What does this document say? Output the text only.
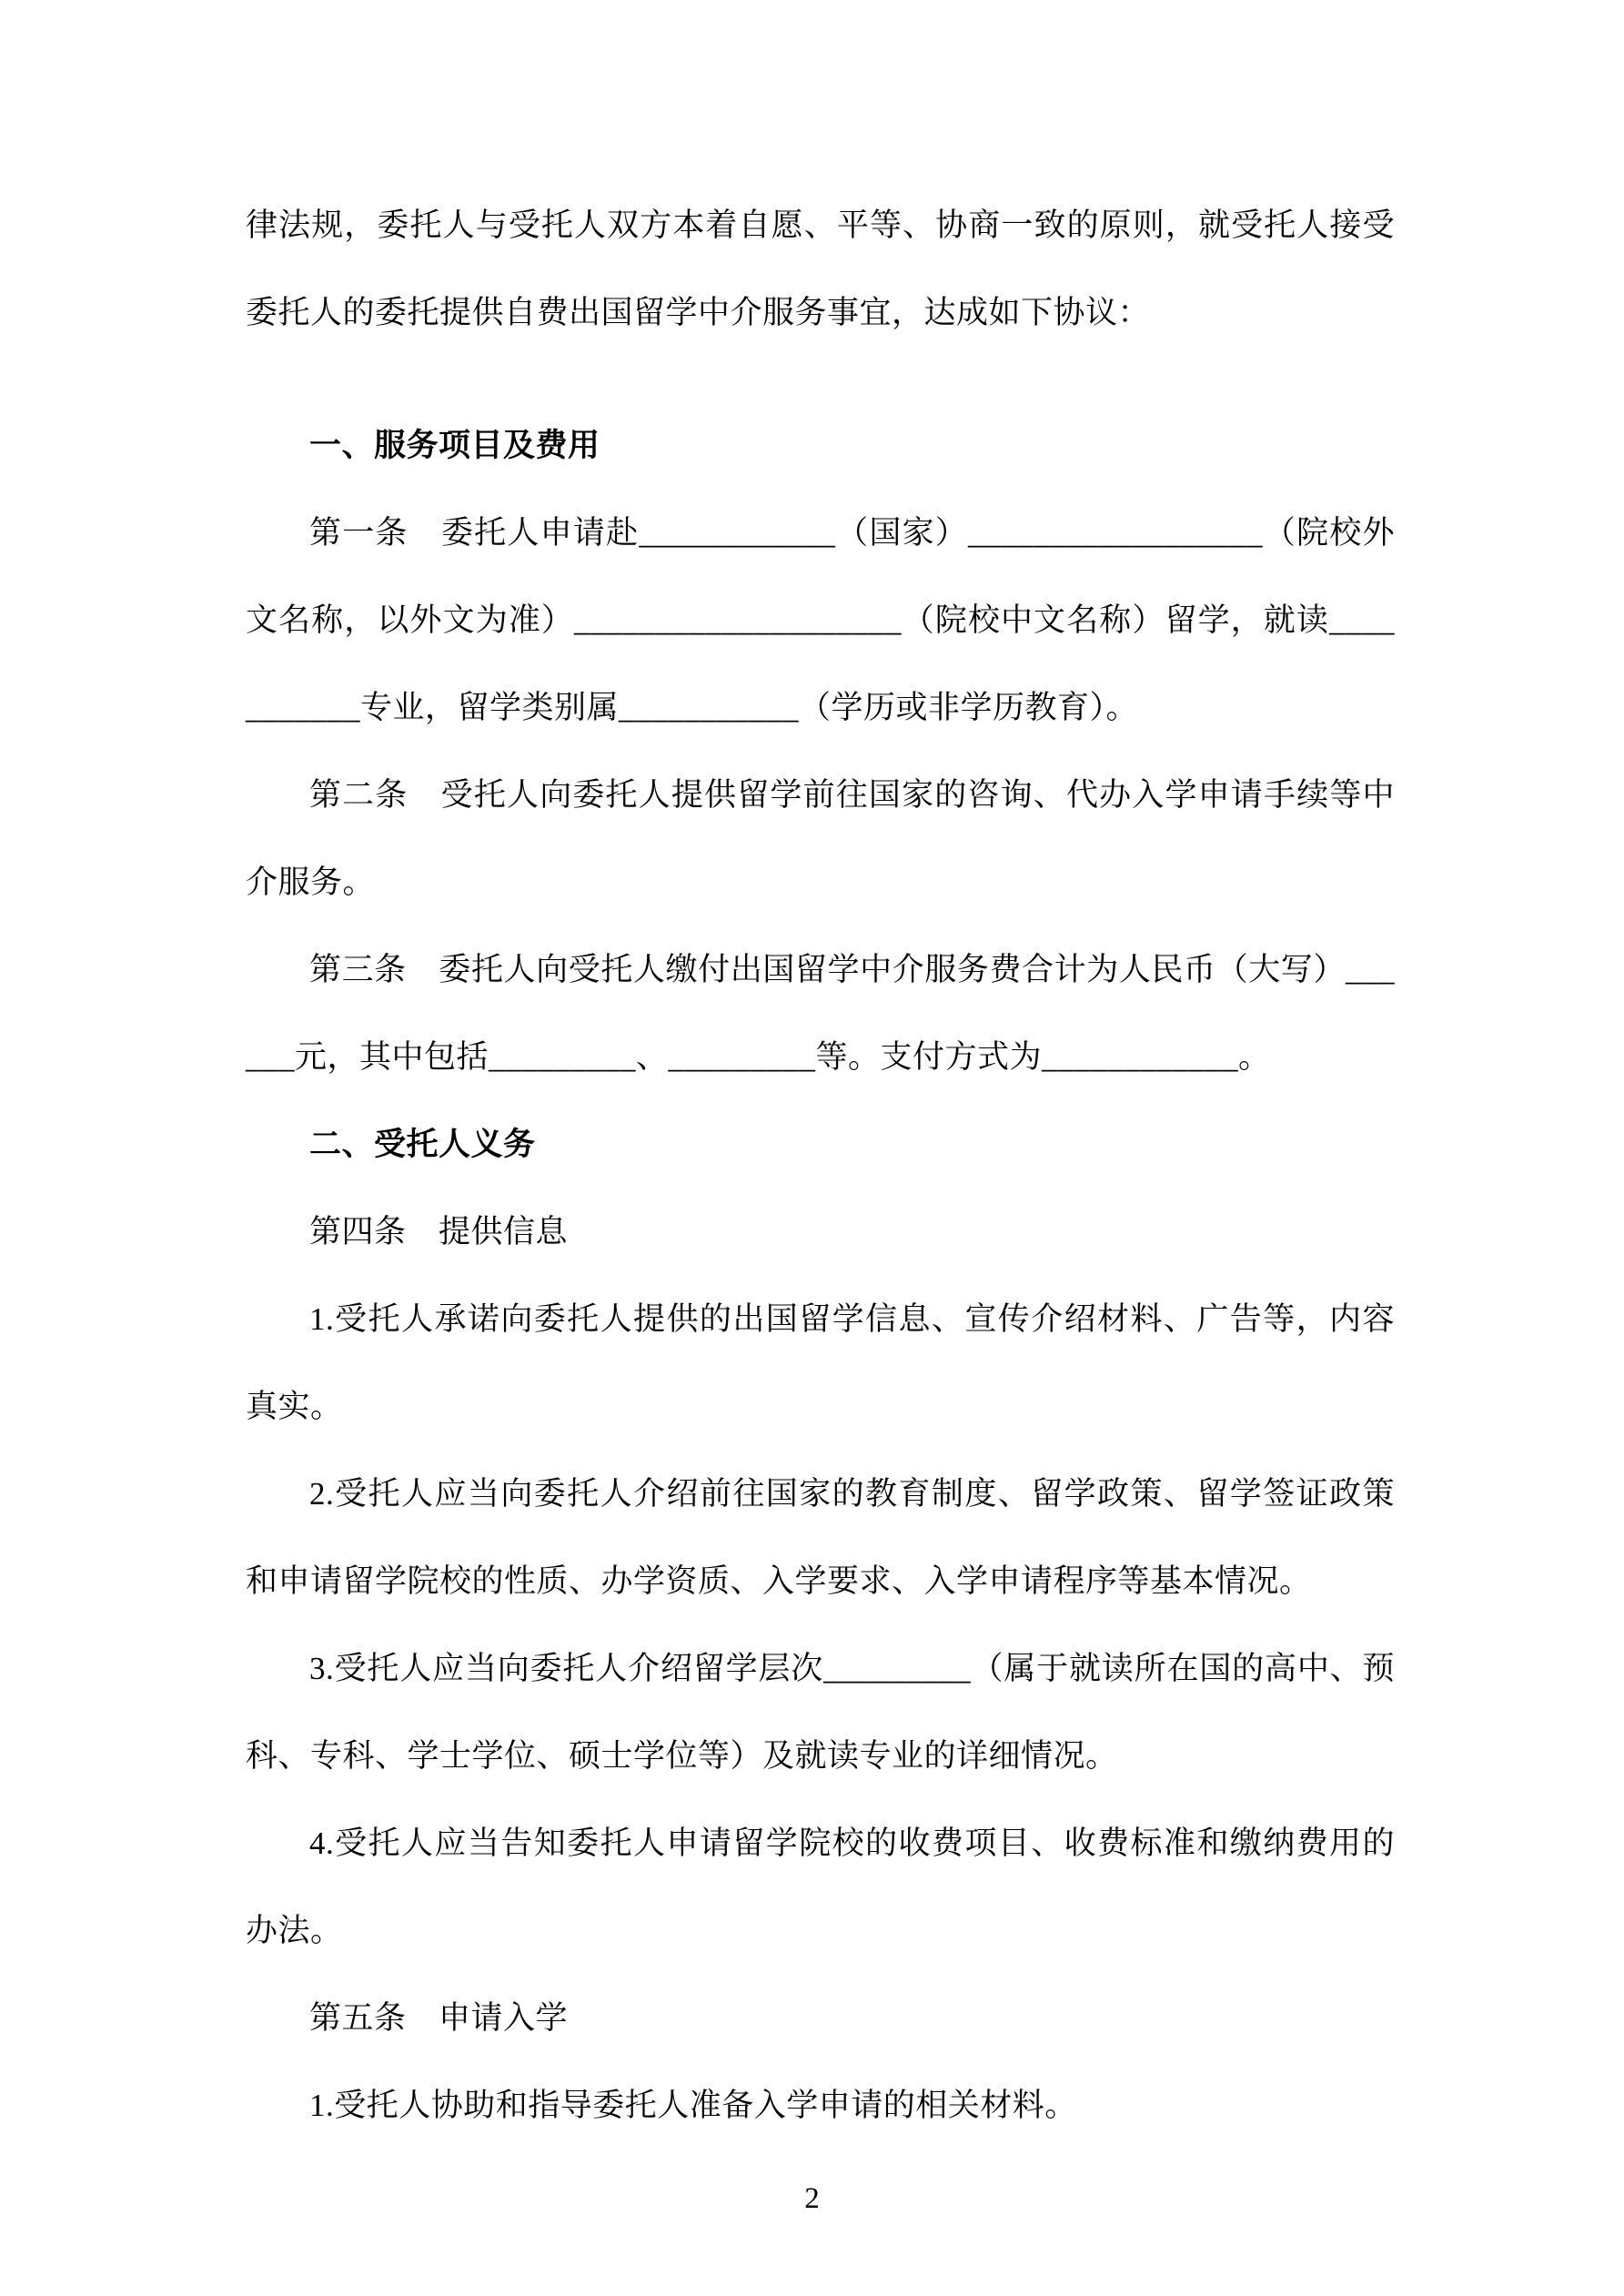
律法规，委托人与受托人双方本着自愿、平等、协商一致的原则，就受托人接受委托人的委托提供自费出国留学中介服务事宜，达成如下协议：

一、服务项目及费用

第一条　委托人申请赴____________（国家）__________________（院校外文名称，以外文为准）____________________（院校中文名称）留学，就读___________专业，留学类别属___________（学历或非学历教育）。

第二条　受托人向委托人提供留学前往国家的咨询、代办入学申请手续等中介服务。

第三条　委托人向受托人缴付出国留学中介服务费合计为人民币（大写）______元，其中包括_________、_________等。支付方式为____________。

二、受托人义务

第四条　提供信息

1.受托人承诺向委托人提供的出国留学信息、宣传介绍材料、广告等，内容真实。

2.受托人应当向委托人介绍前往国家的教育制度、留学政策、留学签证政策和申请留学院校的性质、办学资质、入学要求、入学申请程序等基本情况。

3.受托人应当向委托人介绍留学层次_________（属于就读所在国的高中、预科、专科、学士学位、硕士学位等）及就读专业的详细情况。

4.受托人应当告知委托人申请留学院校的收费项目、收费标准和缴纳费用的办法。

第五条　申请入学

1.受托人协助和指导委托人准备入学申请的相关材料。

2
